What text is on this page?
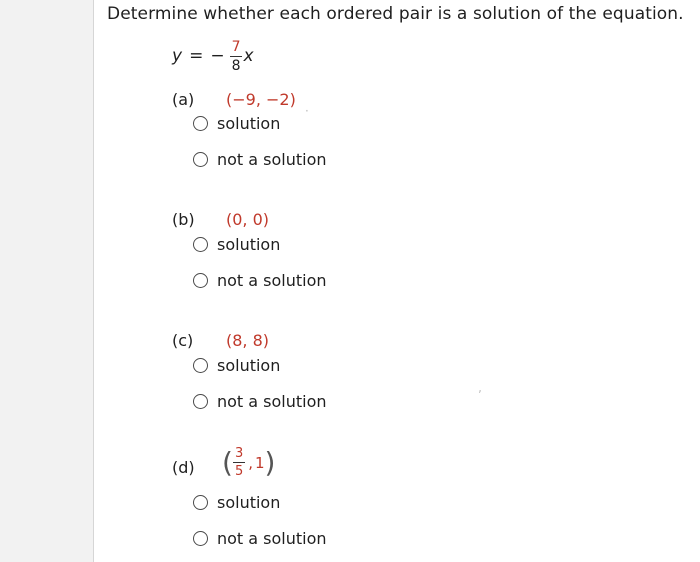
Determine whether each ordered pair is a solution of the equation.
y = − $\frac{7}{8}$ x
(a) (−9, −2)
·
solution
not a solution
(b) (0, 0)
solution
not a solution
(c) (8, 8)
solution
not a solution	ʼ
(d) ( $\frac{3}{5}$ , 1 )
solution
not a solution
